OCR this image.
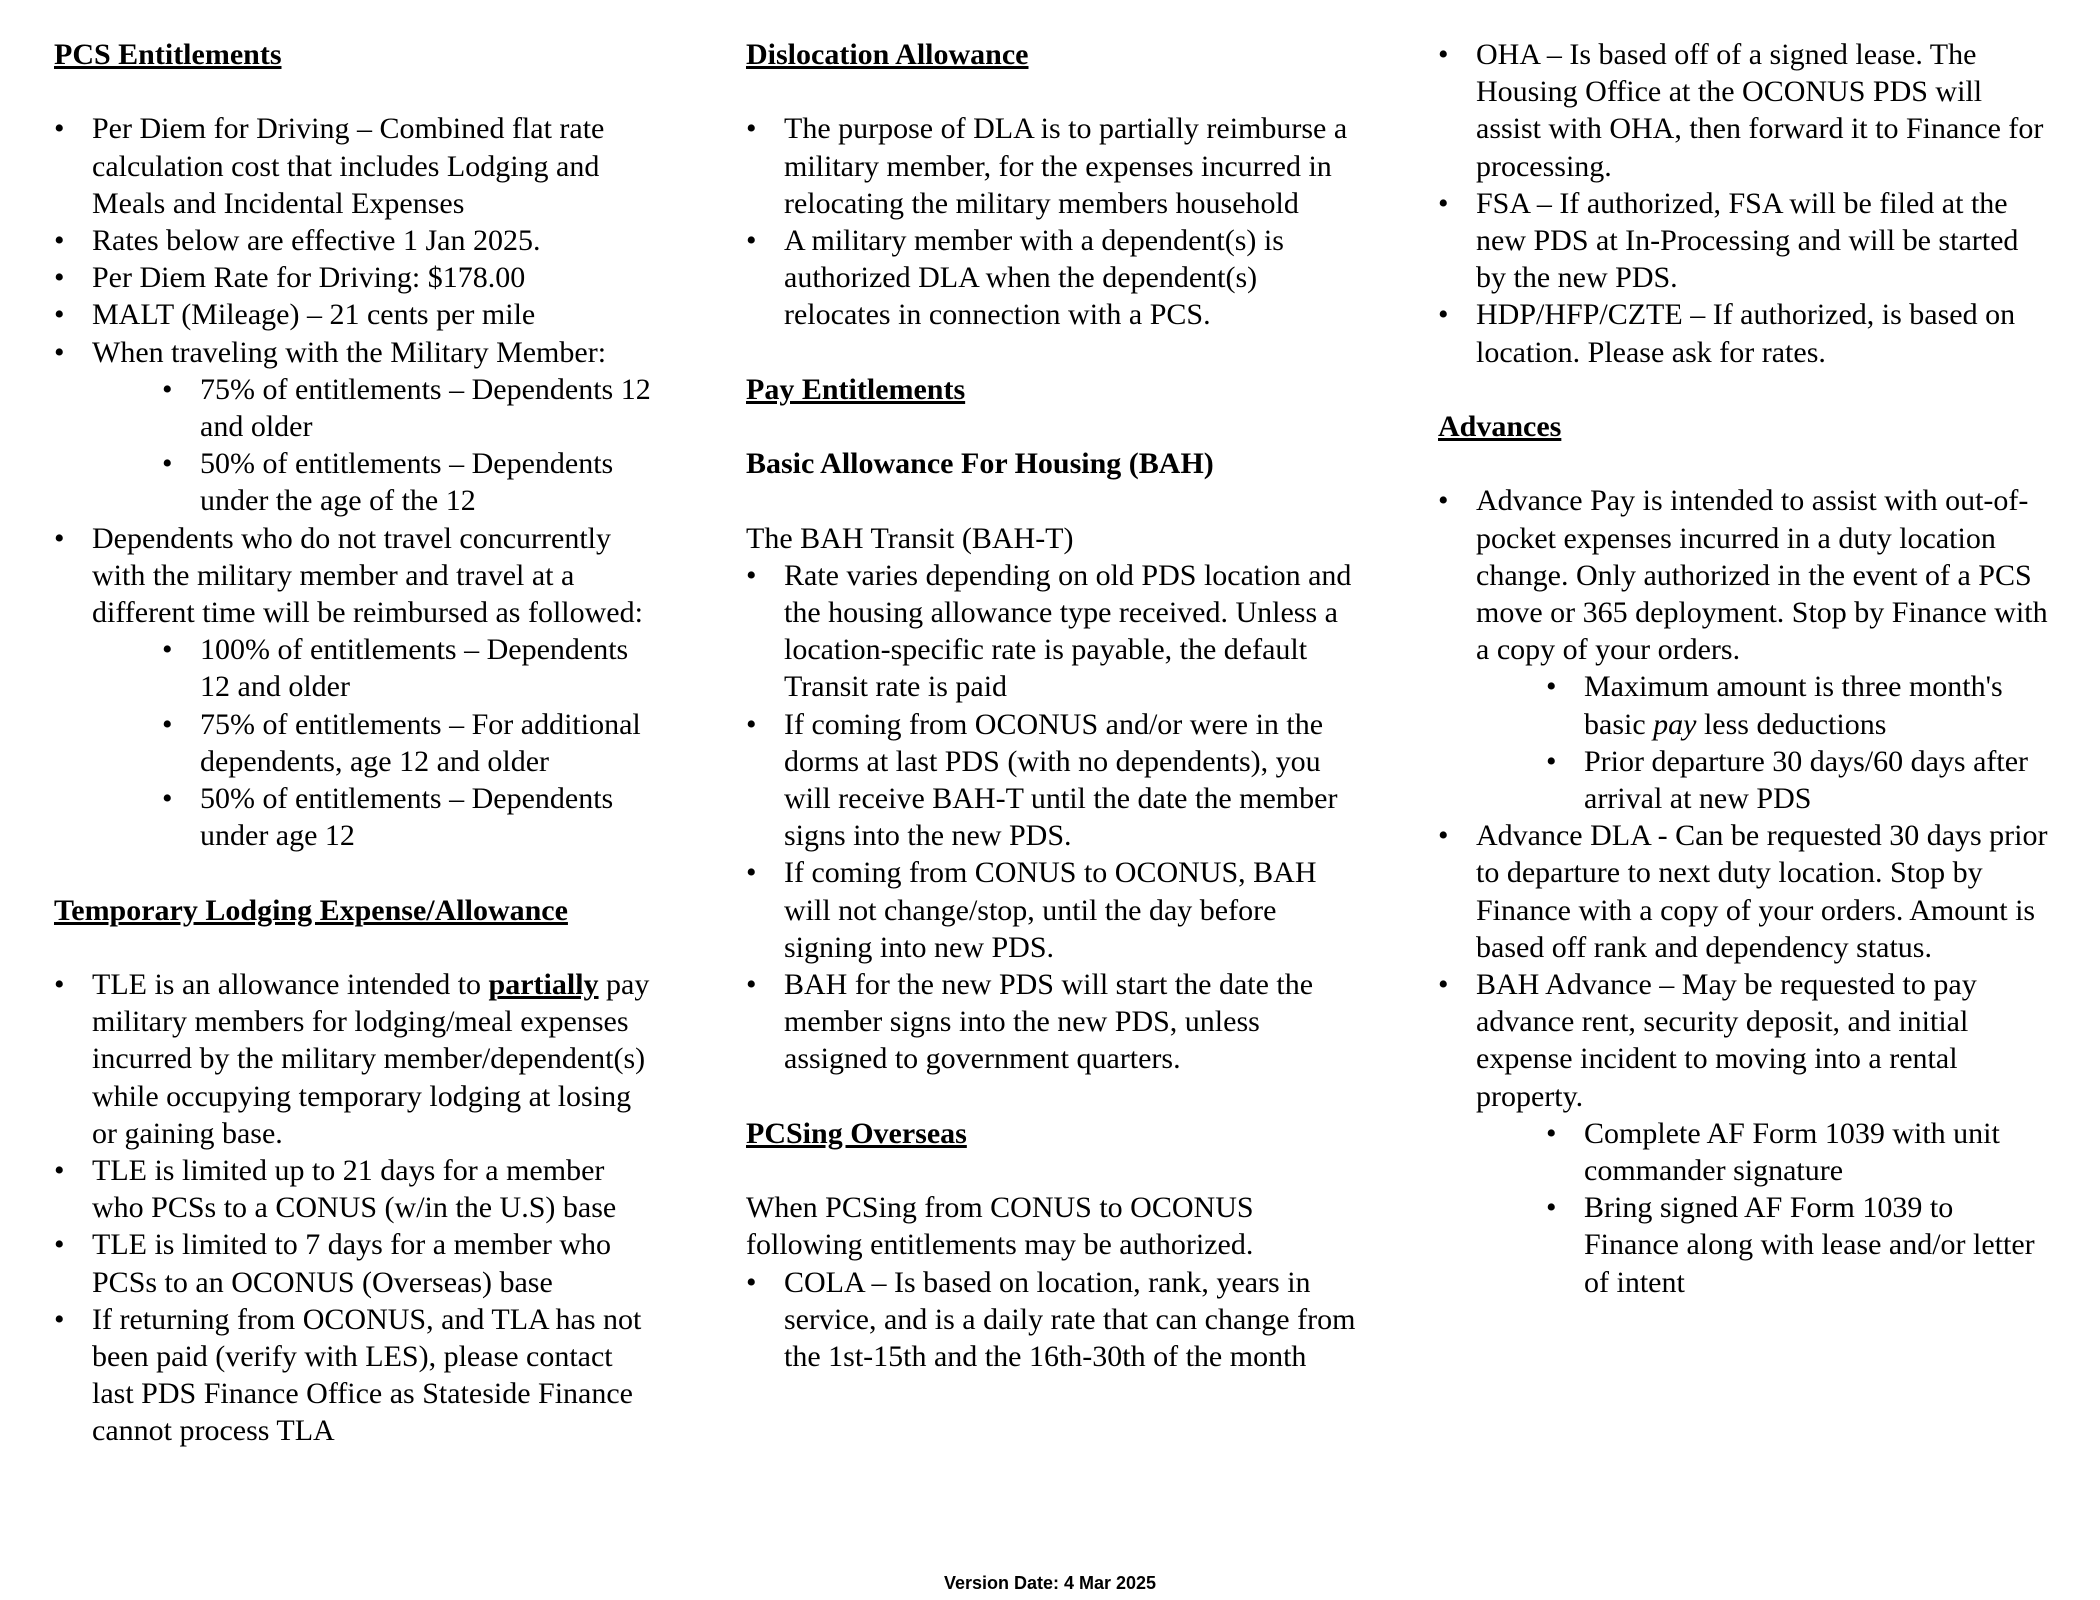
PCS Entitlements
• Per Diem for Driving – Combined flat rate calculation cost that includes Lodging and Meals and Incidental Expenses
• Rates below are effective 1 Jan 2025.
• Per Diem Rate for Driving: $178.00
• MALT (Mileage) – 21 cents per mile
• When traveling with the Military Member:
• 75% of entitlements – Dependents 12 and older
• 50% of entitlements – Dependents under the age of the 12
• Dependents who do not travel concurrently with the military member and travel at a different time will be reimbursed as followed:
• 100% of entitlements – Dependents 12 and older
• 75% of entitlements – For additional dependents, age 12 and older
• 50% of entitlements – Dependents under age 12
Temporary Lodging Expense/Allowance
• TLE is an allowance intended to partially pay military members for lodging/meal expenses incurred by the military member/dependent(s) while occupying temporary lodging at losing or gaining base.
• TLE is limited up to 21 days for a member who PCSs to a CONUS (w/in the U.S) base
• TLE is limited to 7 days for a member who PCSs to an OCONUS (Overseas) base
• If returning from OCONUS, and TLA has not been paid (verify with LES), please contact last PDS Finance Office as Stateside Finance cannot process TLA
Dislocation Allowance
• The purpose of DLA is to partially reimburse a military member, for the expenses incurred in relocating the military members household
• A military member with a dependent(s) is authorized DLA when the dependent(s) relocates in connection with a PCS.
Pay Entitlements
Basic Allowance For Housing (BAH)
The BAH Transit (BAH-T)
• Rate varies depending on old PDS location and the housing allowance type received. Unless a location-specific rate is payable, the default Transit rate is paid
• If coming from OCONUS and/or were in the dorms at last PDS (with no dependents), you will receive BAH-T until the date the member signs into the new PDS.
• If coming from CONUS to OCONUS, BAH will not change/stop, until the day before signing into new PDS.
• BAH for the new PDS will start the date the member signs into the new PDS, unless assigned to government quarters.
PCSing Overseas
When PCSing from CONUS to OCONUS following entitlements may be authorized.
• COLA – Is based on location, rank, years in service, and is a daily rate that can change from the 1st-15th and the 16th-30th of the month
• OHA – Is based off of a signed lease. The Housing Office at the OCONUS PDS will assist with OHA, then forward it to Finance for processing.
• FSA – If authorized, FSA will be filed at the new PDS at In-Processing and will be started by the new PDS.
• HDP/HFP/CZTE – If authorized, is based on location. Please ask for rates.
Advances
• Advance Pay is intended to assist with out-of-pocket expenses incurred in a duty location change. Only authorized in the event of a PCS move or 365 deployment. Stop by Finance with a copy of your orders.
• Maximum amount is three month's basic pay less deductions
• Prior departure 30 days/60 days after arrival at new PDS
• Advance DLA - Can be requested 30 days prior to departure to next duty location. Stop by Finance with a copy of your orders. Amount is based off rank and dependency status.
• BAH Advance – May be requested to pay advance rent, security deposit, and initial expense incident to moving into a rental property.
• Complete AF Form 1039 with unit commander signature
• Bring signed AF Form 1039 to Finance along with lease and/or letter of intent
Version Date: 4 Mar 2025
